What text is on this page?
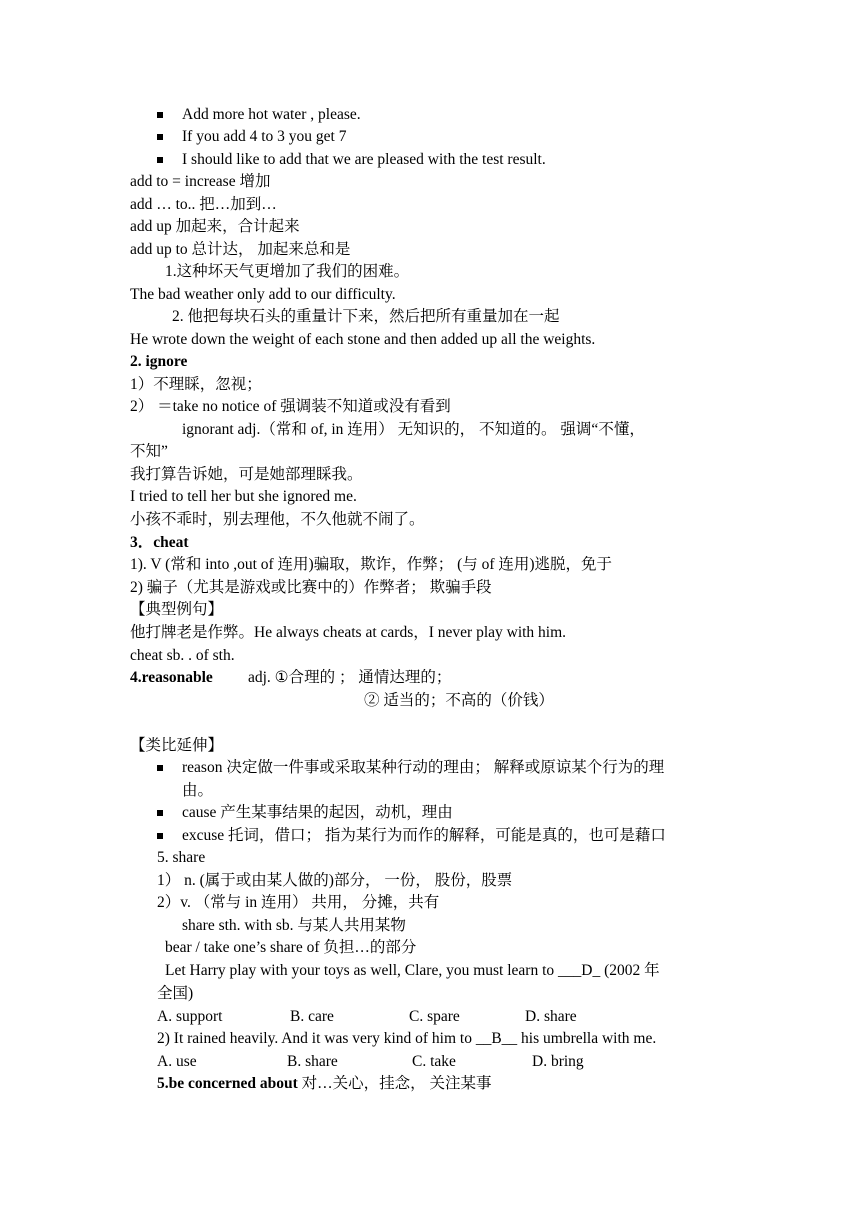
Add more hot water , please.
If you add 4 to 3 you get 7
I should like to add that we are pleased with the test result.
add to = increase 增加
add … to.. 把…加到…
add up 加起来，合计起来
add up to 总计达， 加起来总和是
1.这种坏天气更增加了我们的困难。
The bad weather only add to our difficulty.
2. 他把每块石头的重量计下来，然后把所有重量加在一起
He wrote down the weight of each stone and then added up all the weights.
2. ignore
1）不理睬，忽视；
2） ＝take no notice of 强调装不知道或没有看到
ignorant adj.（常和 of, in 连用） 无知识的， 不知道的。 强调“不懂，
不知”
我打算告诉她，可是她部理睬我。
I tried to tell her but she ignored me.
小孩不乖时，别去理他，不久他就不闹了。
3．cheat
1). V (常和 into ,out of 连用)骗取，欺诈，作弊； (与 of 连用)逃脱，免于
2) 骗子（尤其是游戏或比赛中的）作弊者； 欺骗手段
【典型例句】
他打牌老是作弊。He always cheats at cards，I never play with him.
cheat sb. . of sth.
4.reasonable adj. ①合理的 ； 通情达理的；
② 适当的；不高的（价钱）
【类比延伸】
reason 决定做一件事或采取某种行动的理由； 解释或原谅某个行为的理
由。
cause 产生某事结果的起因，动机，理由
excuse 托词，借口； 指为某行为而作的解释，可能是真的，也可是藉口
5. share
1） n. (属于或由某人做的)部分， 一份， 股份，股票
2）v. （常与 in 连用） 共用， 分摊，共有
share sth. with sb. 与某人共用某物
bear / take one’s share of 负担…的部分
Let Harry play with your toys as well, Clare, you must learn to ___D_ (2002 年
全国)
A. support	B. care	C. spare	D. share
2) It rained heavily. And it was very kind of him to __B__ his umbrella with me.
A. use	B. share	C. take	D. bring
5.be concerned about 对…关心，挂念， 关注某事
